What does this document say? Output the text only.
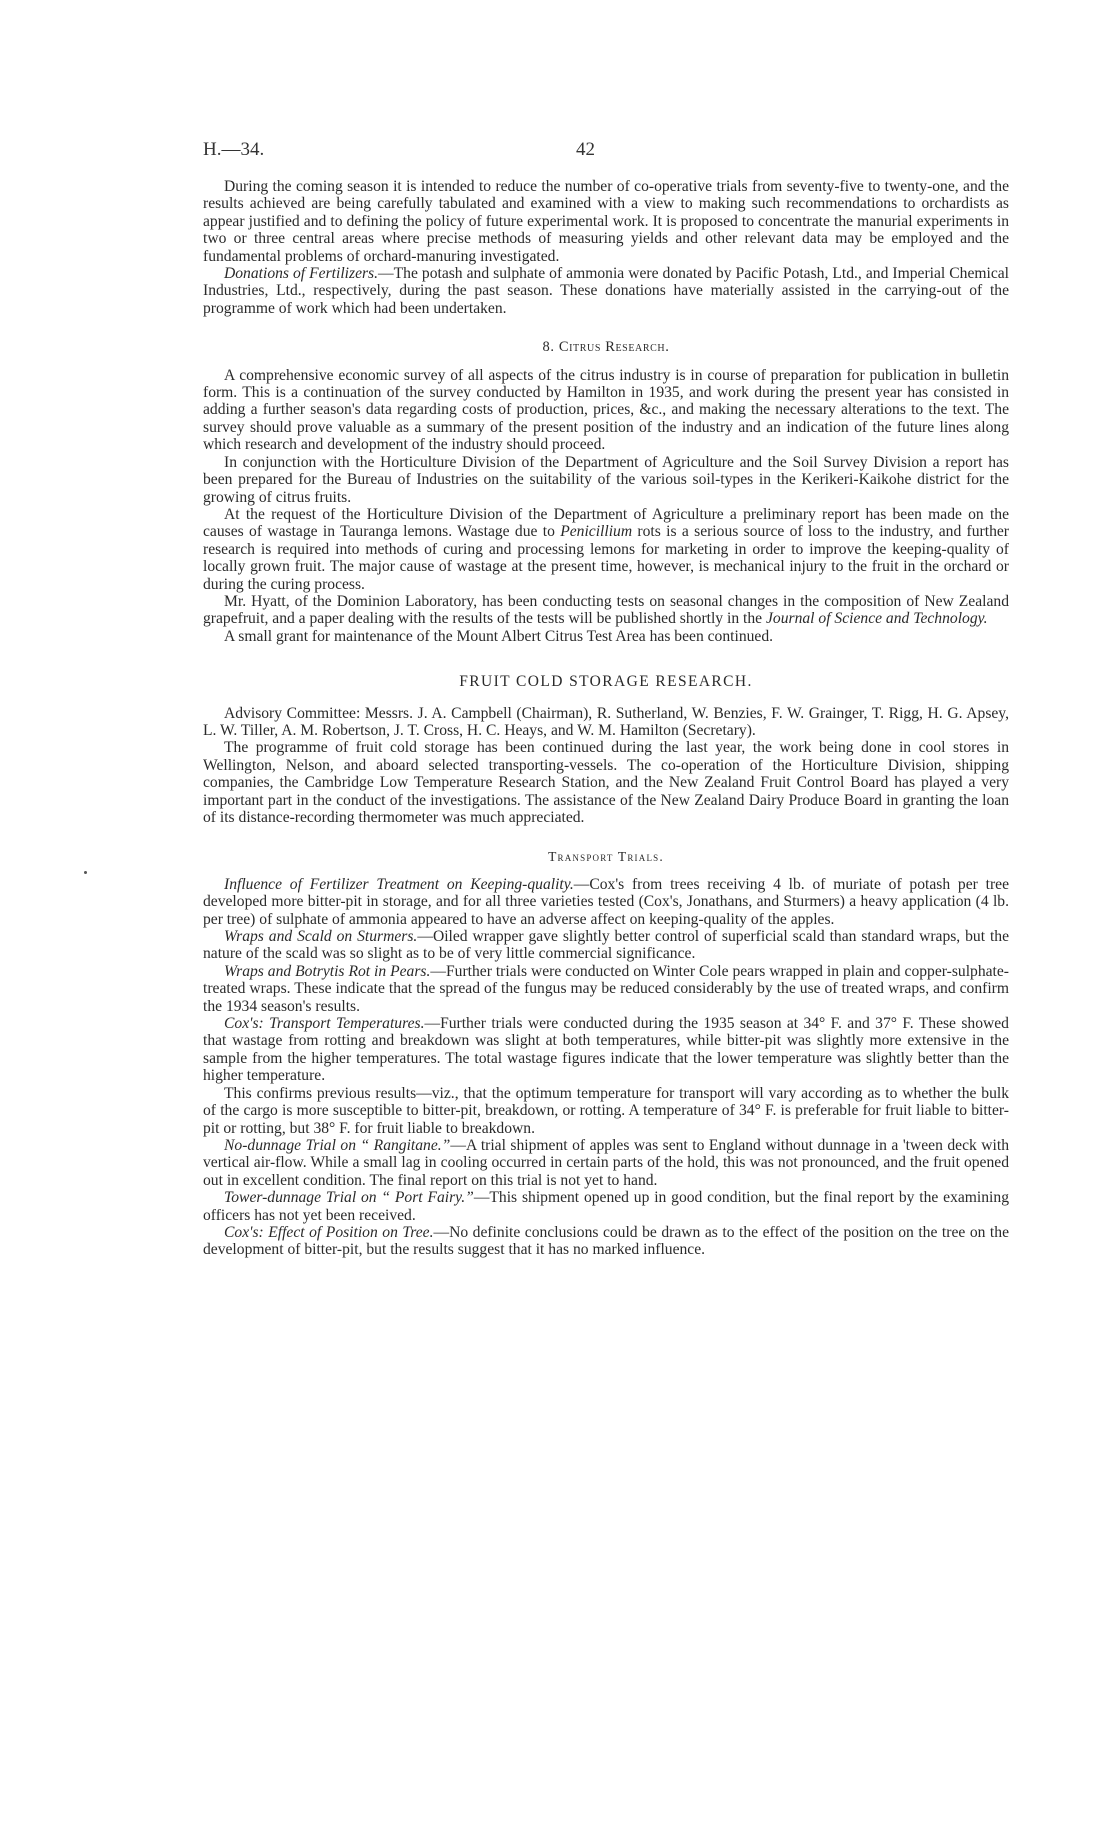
H.—34.	42

During the coming season it is intended to reduce the number of co-operative trials from seventy-five to twenty-one, and the results achieved are being carefully tabulated and examined with a view to making such recommendations to orchardists as appear justified and to defining the policy of future experimental work. It is proposed to concentrate the manurial experiments in two or three central areas where precise methods of measuring yields and other relevant data may be employed and the fundamental problems of orchard-manuring investigated.

Donations of Fertilizers.—The potash and sulphate of ammonia were donated by Pacific Potash, Ltd., and Imperial Chemical Industries, Ltd., respectively, during the past season. These donations have materially assisted in the carrying-out of the programme of work which had been undertaken.

8. Citrus Research.

A comprehensive economic survey of all aspects of the citrus industry is in course of preparation for publication in bulletin form. This is a continuation of the survey conducted by Hamilton in 1935, and work during the present year has consisted in adding a further season's data regarding costs of production, prices, &c., and making the necessary alterations to the text. The survey should prove valuable as a summary of the present position of the industry and an indication of the future lines along which research and development of the industry should proceed.

In conjunction with the Horticulture Division of the Department of Agriculture and the Soil Survey Division a report has been prepared for the Bureau of Industries on the suitability of the various soil-types in the Kerikeri-Kaikohe district for the growing of citrus fruits.

At the request of the Horticulture Division of the Department of Agriculture a preliminary report has been made on the causes of wastage in Tauranga lemons. Wastage due to Penicillium rots is a serious source of loss to the industry, and further research is required into methods of curing and processing lemons for marketing in order to improve the keeping-quality of locally grown fruit. The major cause of wastage at the present time, however, is mechanical injury to the fruit in the orchard or during the curing process.

Mr. Hyatt, of the Dominion Laboratory, has been conducting tests on seasonal changes in the composition of New Zealand grapefruit, and a paper dealing with the results of the tests will be published shortly in the Journal of Science and Technology.

A small grant for maintenance of the Mount Albert Citrus Test Area has been continued.

FRUIT COLD STORAGE RESEARCH.

Advisory Committee: Messrs. J. A. Campbell (Chairman), R. Sutherland, W. Benzies, F. W. Grainger, T. Rigg, H. G. Apsey, L. W. Tiller, A. M. Robertson, J. T. Cross, H. C. Heays, and W. M. Hamilton (Secretary).

The programme of fruit cold storage has been continued during the last year, the work being done in cool stores in Wellington, Nelson, and aboard selected transporting-vessels. The co-operation of the Horticulture Division, shipping companies, the Cambridge Low Temperature Research Station, and the New Zealand Fruit Control Board has played a very important part in the conduct of the investigations. The assistance of the New Zealand Dairy Produce Board in granting the loan of its distance-recording thermometer was much appreciated.

Transport Trials.

Influence of Fertilizer Treatment on Keeping-quality.—Cox's from trees receiving 4 lb. of muriate of potash per tree developed more bitter-pit in storage, and for all three varieties tested (Cox's, Jonathans, and Sturmers) a heavy application (4 lb. per tree) of sulphate of ammonia appeared to have an adverse affect on keeping-quality of the apples.

Wraps and Scald on Sturmers.—Oiled wrapper gave slightly better control of superficial scald than standard wraps, but the nature of the scald was so slight as to be of very little commercial significance.

Wraps and Botrytis Rot in Pears.—Further trials were conducted on Winter Cole pears wrapped in plain and copper-sulphate-treated wraps. These indicate that the spread of the fungus may be reduced considerably by the use of treated wraps, and confirm the 1934 season's results.

Cox's: Transport Temperatures.—Further trials were conducted during the 1935 season at 34° F. and 37° F. These showed that wastage from rotting and breakdown was slight at both temperatures, while bitter-pit was slightly more extensive in the sample from the higher temperatures. The total wastage figures indicate that the lower temperature was slightly better than the higher temperature.

This confirms previous results—viz., that the optimum temperature for transport will vary according as to whether the bulk of the cargo is more susceptible to bitter-pit, breakdown, or rotting. A temperature of 34° F. is preferable for fruit liable to bitter-pit or rotting, but 38° F. for fruit liable to breakdown.

No-dunnage Trial on “ Rangitane.”—A trial shipment of apples was sent to England without dunnage in a 'tween deck with vertical air-flow. While a small lag in cooling occurred in certain parts of the hold, this was not pronounced, and the fruit opened out in excellent condition. The final report on this trial is not yet to hand.

Tower-dunnage Trial on “ Port Fairy.”—This shipment opened up in good condition, but the final report by the examining officers has not yet been received.

Cox's: Effect of Position on Tree.—No definite conclusions could be drawn as to the effect of the position on the tree on the development of bitter-pit, but the results suggest that it has no marked influence.
